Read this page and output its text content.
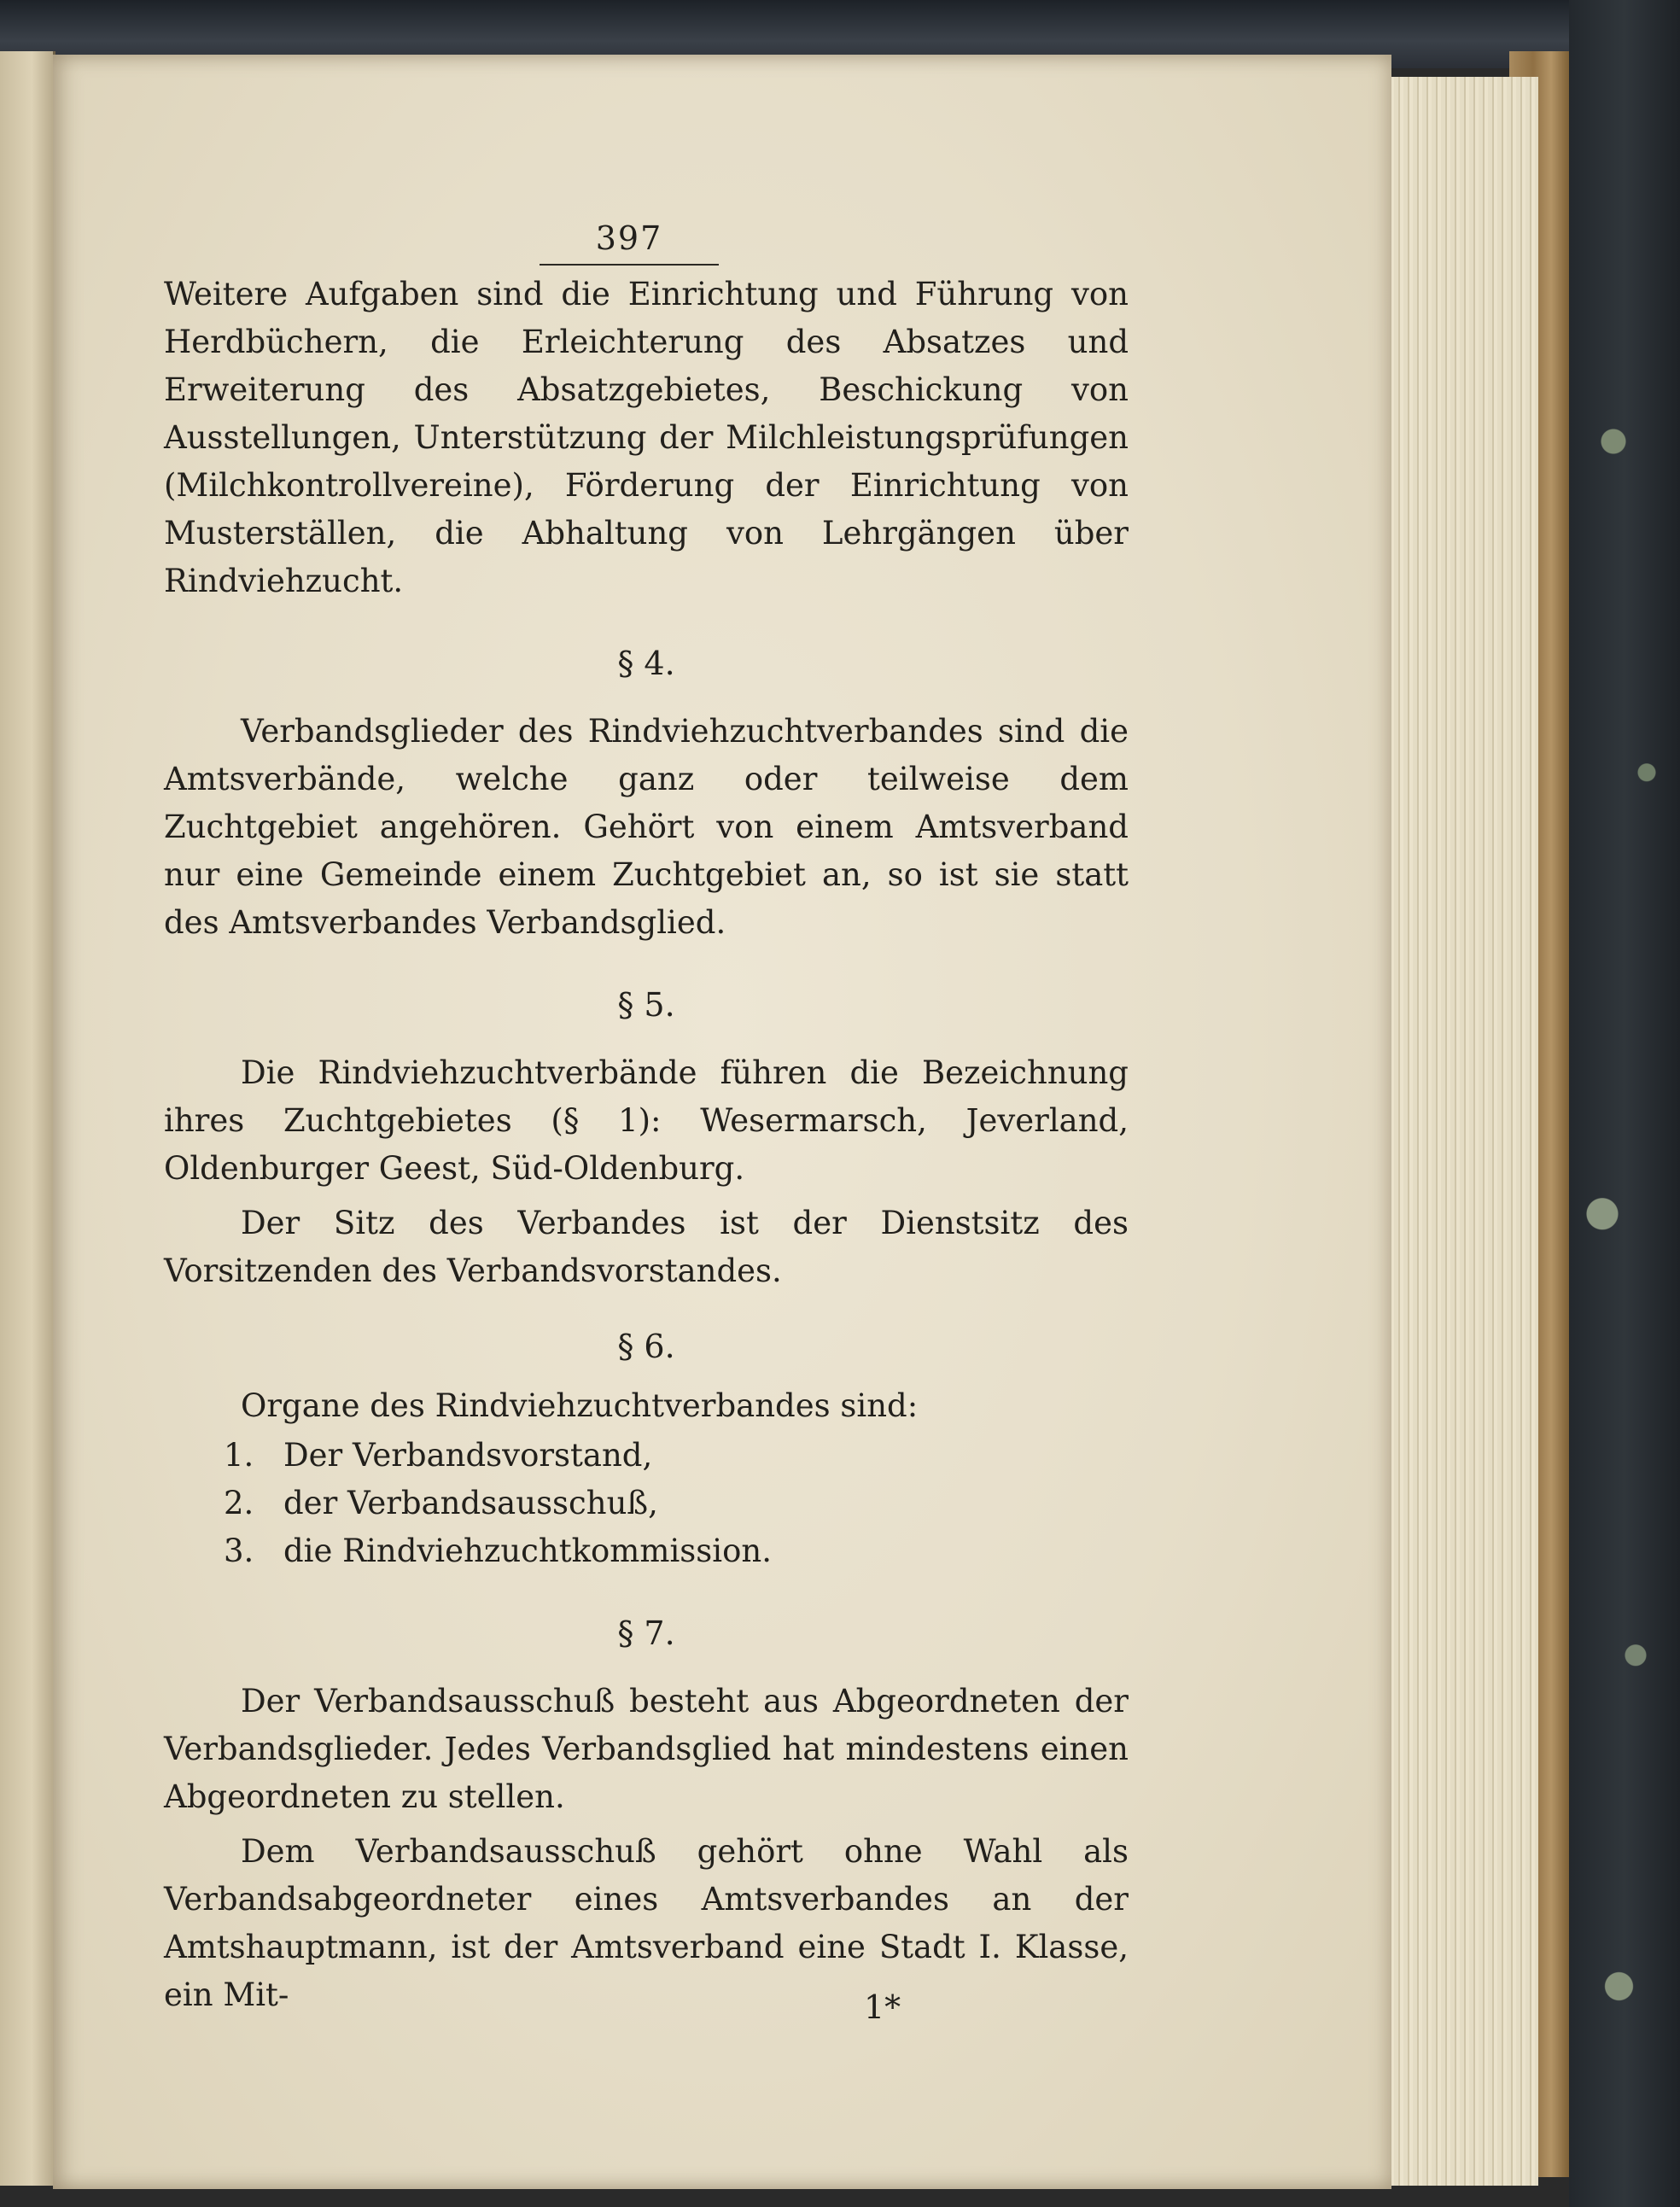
397

Weitere Aufgaben sind die Einrichtung und Führung von Herdbüchern, die Erleichterung des Absatzes und Erweiterung des Absatzgebietes, Beschickung von Ausstellungen, Unterstützung der Milchleistungsprüfungen (Milchkontrollvereine), Förderung der Einrichtung von Musterställen, die Abhaltung von Lehrgängen über Rindviehzucht.

§ 4.

Verbandsglieder des Rindviehzuchtverbandes sind die Amtsverbände, welche ganz oder teilweise dem Zuchtgebiet angehören. Gehört von einem Amtsverband nur eine Gemeinde einem Zuchtgebiet an, so ist sie statt des Amtsverbandes Verbandsglied.

§ 5.

Die Rindviehzuchtverbände führen die Bezeichnung ihres Zuchtgebietes (§ 1): Wesermarsch, Jeverland, Oldenburger Geest, Süd-Oldenburg.

Der Sitz des Verbandes ist der Dienstsitz des Vorsitzenden des Verbandsvorstandes.

§ 6.

Organe des Rindviehzuchtverbandes sind:

1. Der Verbandsvorstand,
2. der Verbandsausschuß,
3. die Rindviehzuchtkommission.
§ 7.

Der Verbandsausschuß besteht aus Abgeordneten der Verbandsglieder. Jedes Verbandsglied hat mindestens einen Abgeordneten zu stellen.

Dem Verbandsausschuß gehört ohne Wahl als Verbandsabgeordneter eines Amtsverbandes an der Amtshauptmann, ist der Amtsverband eine Stadt I. Klasse, ein Mit-	1*
